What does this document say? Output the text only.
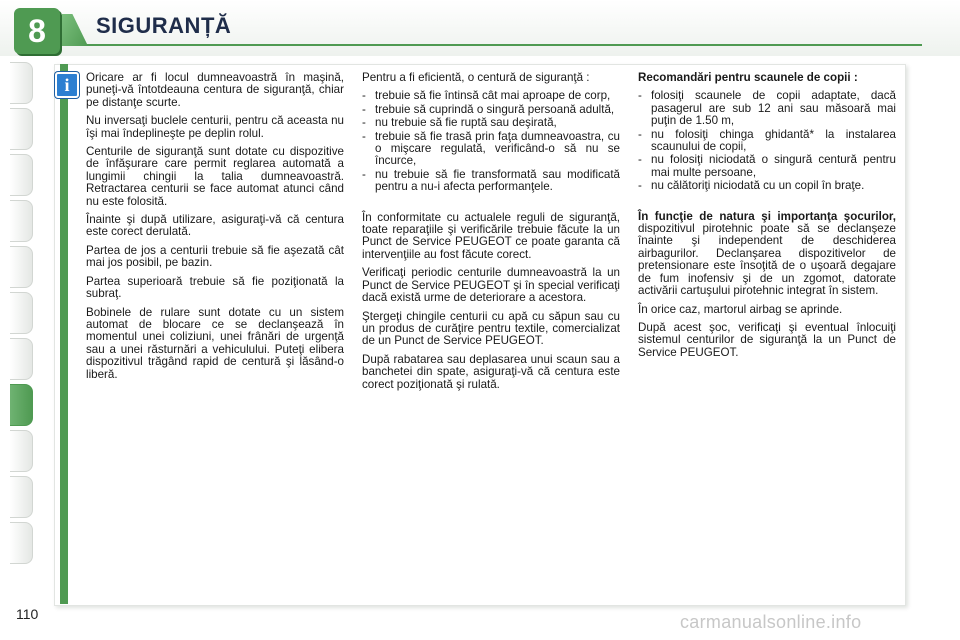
8	SIGURANȚĂ
i	Oricare ar fi locul dumneavoastră în maşină, puneţi-vă întotdeauna centura de siguranţă, chiar pe distanţe scurte.

Nu inversaţi buclele centurii, pentru că aceasta nu îşi mai îndeplineşte pe deplin rolul.

Centurile de siguranţă sunt dotate cu dispozitive de înfăşurare care permit reglarea automată a lungimii chingii la talia dumneavoastră. Retractarea centurii se face automat atunci când nu este folosită.

Înainte şi după utilizare, asiguraţi-vă că centura este corect derulată.

Partea de jos a centurii trebuie să fie aşezată cât mai jos posibil, pe bazin.

Partea superioară trebuie să fie poziţionată la subraţ.

Bobinele de rulare sunt dotate cu un sistem automat de blocare ce se declanşează în momentul unei coliziuni, unei frânări de urgenţă sau a unei răsturnări a vehiculului. Puteţi elibera dispozitivul trăgând rapid de centură şi lăsând-o liberă.

Pentru a fi eficientă, o centură de siguranţă :

- trebuie să fie întinsă cât mai aproape de corp,
- trebuie să cuprindă o singură persoană adultă,
- nu trebuie să fie ruptă sau deşirată,
- trebuie să fie trasă prin faţa dumneavoastra, cu o mişcare regulată, verificând-o să nu se încurce,
- nu trebuie să fie transformată sau modificată pentru a nu-i afecta performanţele.

În conformitate cu actualele reguli de siguranţă, toate reparaţiile şi verificările trebuie făcute la un Punct de Service PEUGEOT ce poate garanta că intervenţiile au fost făcute corect.

Verificaţi periodic centurile dumneavoastră la un Punct de Service PEUGEOT şi în special verificaţi dacă există urme de deteriorare a acestora.

Ştergeţi chingile centurii cu apă cu săpun sau cu un produs de curăţire pentru textile, comercializat de un Punct de Service PEUGEOT.

După rabatarea sau deplasarea unui scaun sau a banchetei din spate, asiguraţi-vă că centura este corect poziţionată şi rulată.

Recomandări pentru scaunele de copii :

- folosiţi scaunele de copii adaptate, dacă pasagerul are sub 12 ani sau măsoară mai puţin de 1.50 m,
- nu folosiţi chinga ghidantă* la instalarea scaunului de copii,
- nu folosiţi niciodată o singură centură pentru mai multe persoane,
- nu călătoriţi niciodată cu un copil în braţe.

În funcţie de natura şi importanţa şocurilor, dispozitivul pirotehnic poate să se declanşeze înainte şi independent de deschiderea airbagurilor. Declanşarea dispozitivelor de pretensionare este însoţită de o uşoară degajare de fum inofensiv şi de un zgomot, datorate activării cartuşului pirotehnic integrat în sistem.

În orice caz, martorul airbag se aprinde.

După acest şoc, verificaţi şi eventual înlocuiţi sistemul centurilor de siguranţă la un Punct de Service PEUGEOT.

110	carmanualsonline.info
